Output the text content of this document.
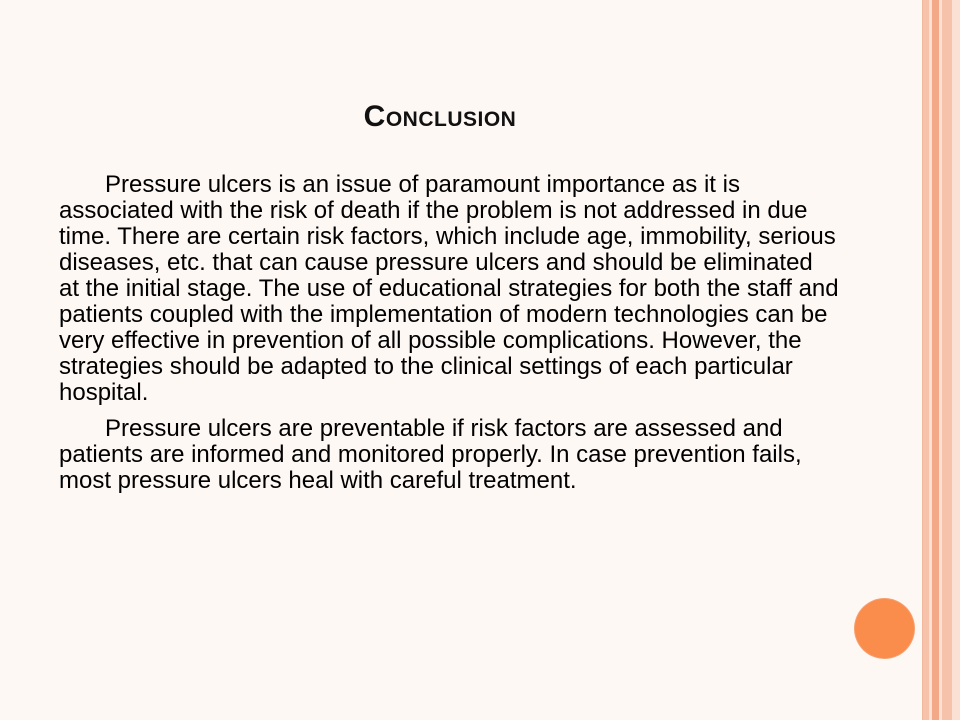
Conclusion

Pressure ulcers is an issue of paramount importance as it is associated with the risk of death if the problem is not addressed in due time. There are certain risk factors, which include age, immobility, serious diseases, etc. that can cause pressure ulcers and should be eliminated at the initial stage. The use of educational strategies for both the staff and patients coupled with the implementation of modern technologies can be very effective in prevention of all possible complications. However, the strategies should be adapted to the clinical settings of each particular hospital.

Pressure ulcers are preventable if risk factors are assessed and patients are informed and monitored properly. In case prevention fails, most pressure ulcers heal with careful treatment.
